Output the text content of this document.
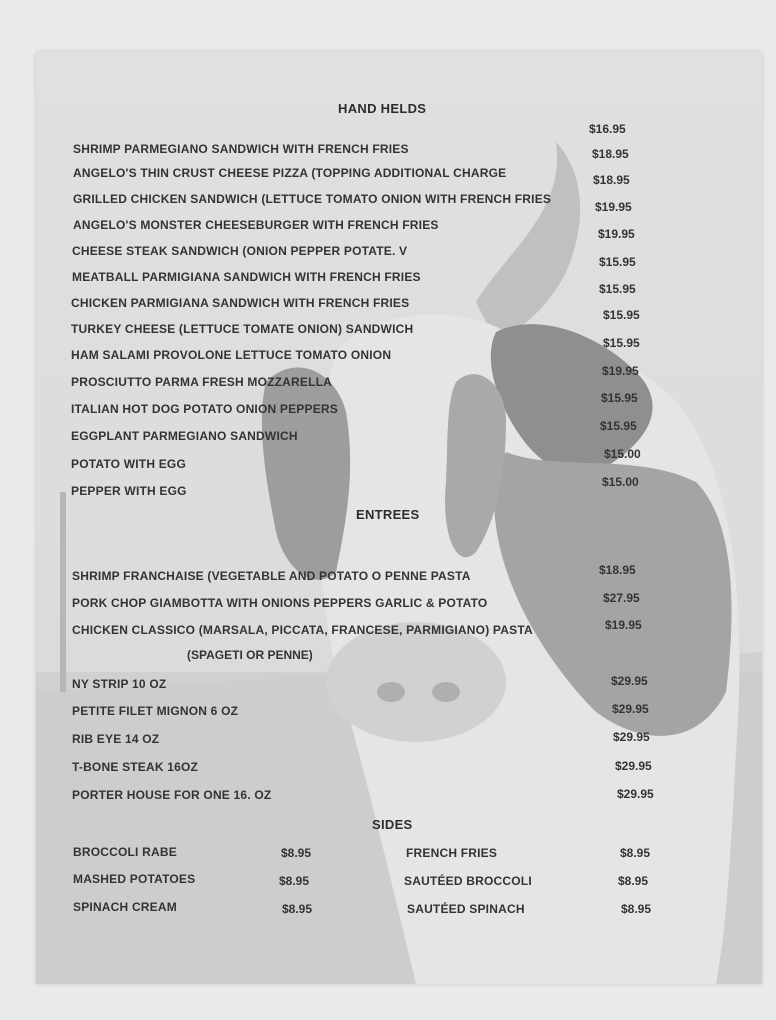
HAND HELDS
SHRIMP PARMEGIANO SANDWICH WITH FRENCH FRIES
$16.95
ANGELO'S THIN CRUST CHEESE PIZZA (TOPPING ADDITIONAL CHARGE
$18.95
GRILLED CHICKEN SANDWICH (LETTUCE TOMATO ONION WITH FRENCH FRIES
$18.95
ANGELO'S MONSTER CHEESEBURGER WITH FRENCH FRIES
$19.95
CHEESE STEAK SANDWICH (ONION PEPPER POTATE. V
$19.95
MEATBALL PARMIGIANA SANDWICH WITH FRENCH FRIES
$15.95
CHICKEN PARMIGIANA SANDWICH WITH FRENCH FRIES
$15.95
TURKEY CHEESE (LETTUCE TOMATE ONION) SANDWICH
$15.95
HAM SALAMI PROVOLONE LETTUCE TOMATO ONION
$15.95
PROSCIUTTO PARMA FRESH MOZZARELLA
$19.95
ITALIAN HOT DOG POTATO ONION PEPPERS
$15.95
EGGPLANT PARMEGIANO SANDWICH
$15.95
POTATO WITH EGG
$15.00
PEPPER WITH EGG
$15.00
ENTREES
SHRIMP FRANCHAISE (VEGETABLE AND POTATO O PENNE PASTA	$18.95
PORK CHOP GIAMBOTTA WITH ONIONS PEPPERS GARLIC & POTATO	$27.95
CHICKEN CLASSICO (MARSALA, PICCATA, FRANCESE, PARMIGIANO) PASTA	$19.95
(SPAGETI OR PENNE)
NY STRIP 10 OZ	$29.95
PETITE FILET MIGNON 6 OZ	$29.95
RIB EYE 14 OZ	$29.95
T-BONE STEAK 16OZ	$29.95
PORTER HOUSE FOR ONE 16. OZ	$29.95
SIDES
BROCCOLI RABE	$8.95	FRENCH FRIES	$8.95
MASHED POTATOES	$8.95	SAUTÉED BROCCOLI	$8.95
SPINACH CREAM	$8.95	SAUTÉED SPINACH	$8.95
